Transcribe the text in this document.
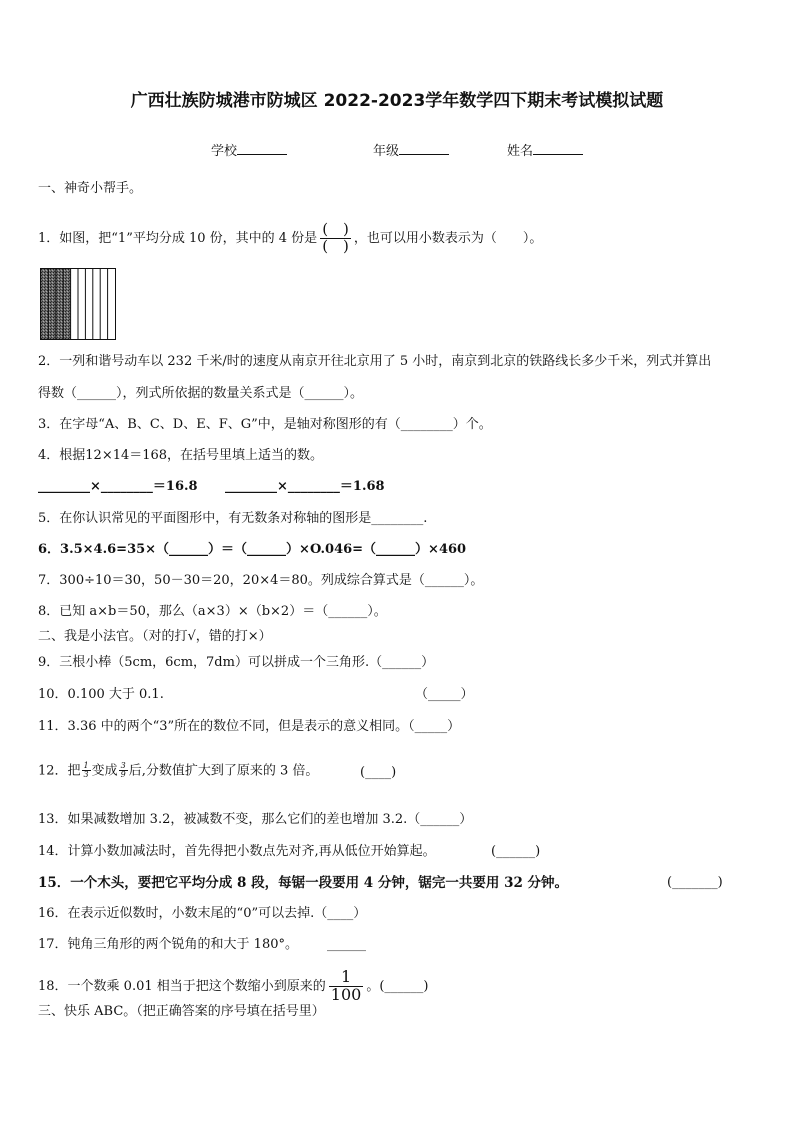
广西壮族防城港市防城区 2022-2023学年数学四下期末考试模拟试题
学校	年级	姓名
一、神奇小帮手。
1．如图，把“1”平均分成 10 份，其中的 4 份是 $\frac{( )}{( )}$ ，也可以用小数表示为（　　）。
2．一列和谐号动车以 232 千米/时的速度从南京开往北京用了 5 小时，南京到北京的铁路线长多少千米，列式并算出
得数（______），列式所依据的数量关系式是（______）。
3．在字母“A、B、C、D、E、F、G”中，是轴对称图形的有（________）个。
4．根据12×14＝168，在括号里填上适当的数。
________×________＝16.8 ________×________＝1.68
5．在你认识常见的平面图形中，有无数条对称轴的图形是________.
6．3.5×4.6=35×（______）＝（______）×O.046=（______）×460
7．300÷10＝30，50－30＝20，20×4＝80。列成综合算式是（______）。
8．已知 a×b＝50，那么（a×3）×（b×2）＝（______）。
二、我是小法官。（对的打√，错的打×）
9．三根小棒（5cm，6cm，7dm）可以拼成一个三角形.（______）
10．0.100 大于 0.1.	（_____）
11．3.36 中的两个“3”所在的数位不同，但是表示的意义相同。（_____）
12．把 $\frac{1}{3}$ 变成 $\frac{3}{9}$ 后,分数值扩大到了原来的 3 倍。	(____)
13．如果减数增加 3.2，被减数不变，那么它们的差也增加 3.2.（______）
14．计算小数加减法时，首先得把小数点先对齐,再从低位开始算起。	(______)
15．一个木头，要把它平均分成 8 段，每锯一段要用 4 分钟，锯完一共要用 32 分钟。	(_______)
16．在表示近似数时，小数末尾的“0”可以去掉.（____）
17．钝角三角形的两个锐角的和大于 180°。 ______
18．一个数乘 0.01 相当于把这个数缩小到原来的 $\frac{1}{100}$ 。(______)
三、快乐 ABC。（把正确答案的序号填在括号里）
